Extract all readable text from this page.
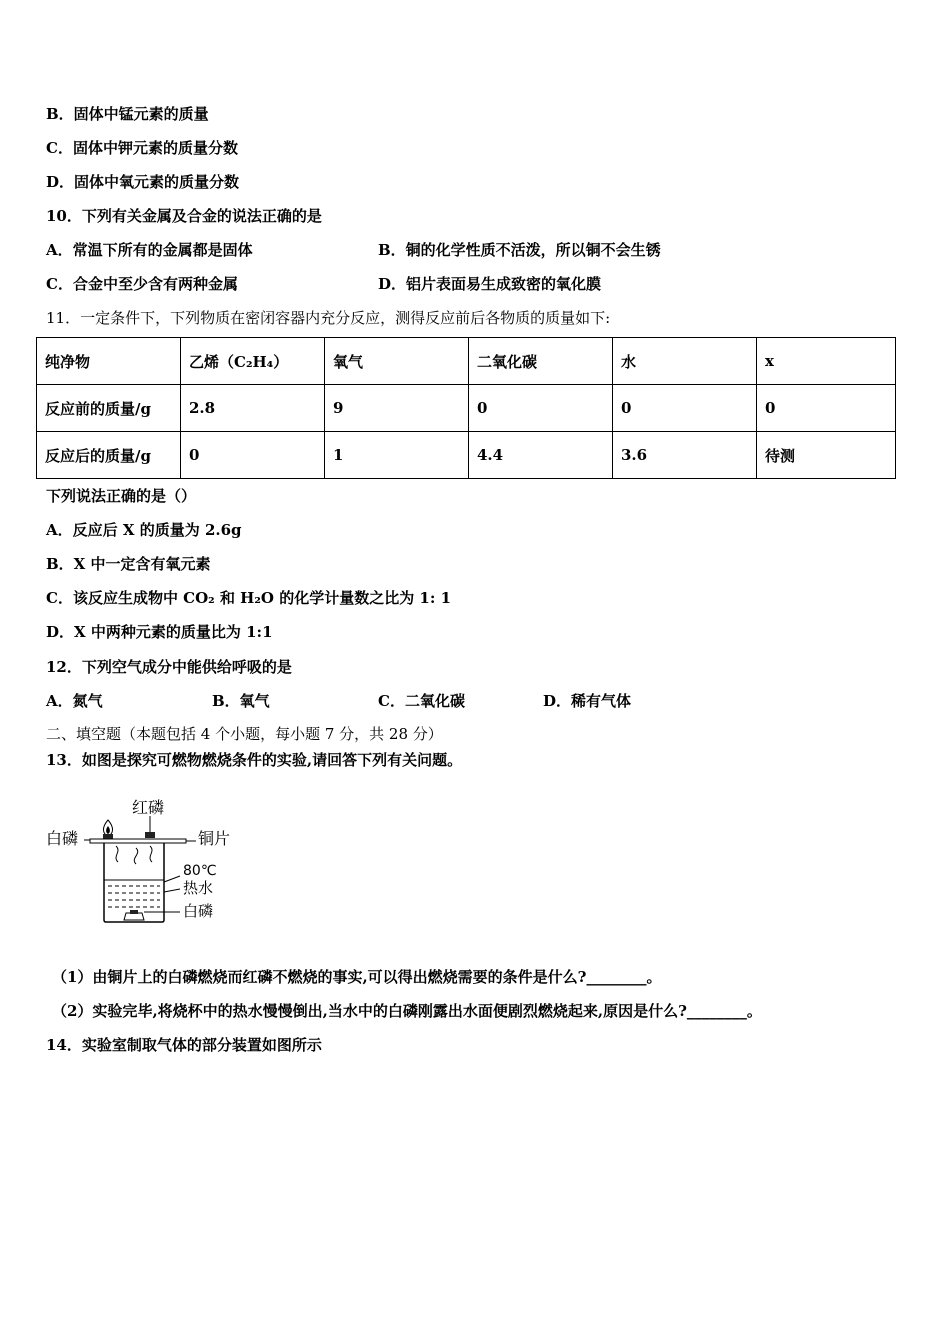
B．固体中锰元素的质量
C．固体中钾元素的质量分数
D．固体中氧元素的质量分数
10．下列有关金属及合金的说法正确的是
A．常温下所有的金属都是固体	B．铜的化学性质不活泼，所以铜不会生锈
C．合金中至少含有两种金属	D．铝片表面易生成致密的氧化膜
11．一定条件下，下列物质在密闭容器内充分反应，测得反应前后各物质的质量如下:
纯净物	乙烯（C₂H₄）	氧气	二氧化碳	水	x
反应前的质量/g	2.8	9	0	0	0
反应后的质量/g	0	1	4.4	3.6	待测
下列说法正确的是（）
A．反应后 X 的质量为 2.6g
B．X 中一定含有氧元素
C．该反应生成物中 CO₂ 和 H₂O 的化学计量数之比为 1: 1
D．X 中两种元素的质量比为 1:1
12．下列空气成分中能供给呼吸的是
A．氮气	B．氧气	C．二氧化碳	D．稀有气体
二、填空题（本题包括 4 个小题，每小题 7 分，共 28 分）
13．如图是探究可燃物燃烧条件的实验,请回答下列有关问题。
红磷
白磷	铜片
80℃
热水
白磷
（1）由铜片上的白磷燃烧而红磷不燃烧的事实,可以得出燃烧需要的条件是什么?________。
（2）实验完毕,将烧杯中的热水慢慢倒出,当水中的白磷刚露出水面便剧烈燃烧起来,原因是什么?________。
14．实验室制取气体的部分装置如图所示
